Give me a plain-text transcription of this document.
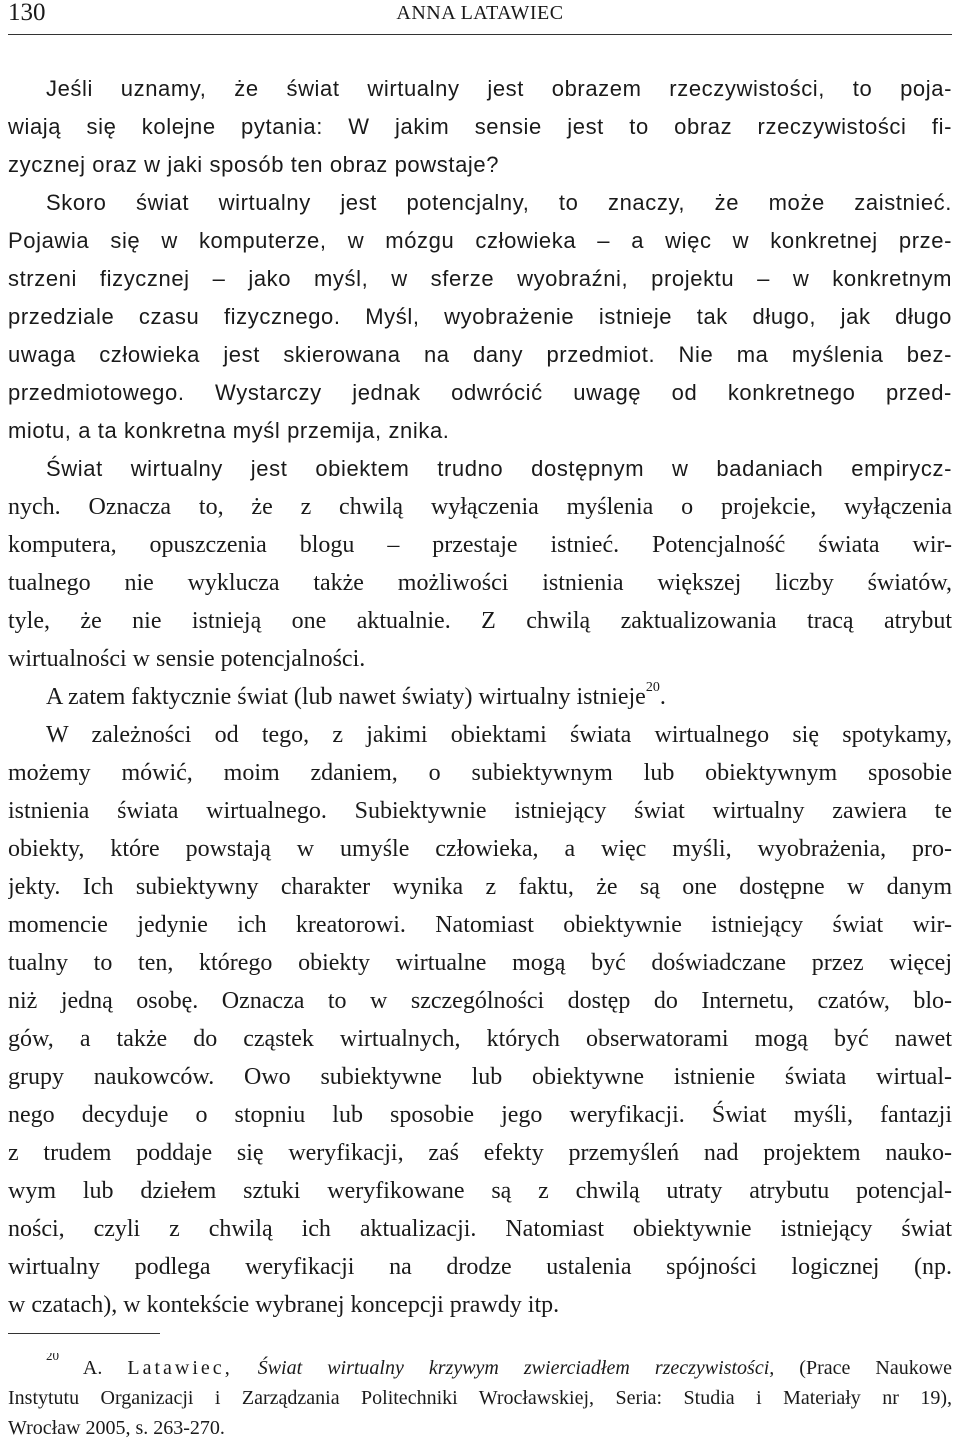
130	ANNA LATAWIEC
Jeśli uznamy, że świat wirtualny jest obrazem rzeczywistości, to poja-
wiają się kolejne pytania: W jakim sensie jest to obraz rzeczywistości fi-
zycznej oraz w jaki sposób ten obraz powstaje?
Skoro świat wirtualny jest potencjalny, to znaczy, że może zaistnieć.
Pojawia się w komputerze, w mózgu człowieka – a więc w konkretnej prze-
strzeni fizycznej – jako myśl, w sferze wyobraźni, projektu – w konkretnym
przedziale czasu fizycznego. Myśl, wyobrażenie istnieje tak długo, jak długo
uwaga człowieka jest skierowana na dany przedmiot. Nie ma myślenia bez-
przedmiotowego. Wystarczy jednak odwrócić uwagę od konkretnego przed-
miotu, a ta konkretna myśl przemija, znika.
Świat wirtualny jest obiektem trudno dostępnym w badaniach empirycz-
nych. Oznacza to, że z chwilą wyłączenia myślenia o projekcie, wyłączenia
komputera, opuszczenia blogu – przestaje istnieć. Potencjalność świata wir-
tualnego nie wyklucza także możliwości istnienia większej liczby światów,
tyle, że nie istnieją one aktualnie. Z chwilą zaktualizowania tracą atrybut
wirtualności w sensie potencjalności.
A zatem faktycznie świat (lub nawet światy) wirtualny istnieje$^{20}$.
W zależności od tego, z jakimi obiektami świata wirtualnego się spotykamy,
możemy mówić, moim zdaniem, o subiektywnym lub obiektywnym sposobie
istnienia świata wirtualnego. Subiektywnie istniejący świat wirtualny zawiera te
obiekty, które powstają w umyśle człowieka, a więc myśli, wyobrażenia, pro-
jekty. Ich subiektywny charakter wynika z faktu, że są one dostępne w danym
momencie jedynie ich kreatorowi. Natomiast obiektywnie istniejący świat wir-
tualny to ten, którego obiekty wirtualne mogą być doświadczane przez więcej
niż jedną osobę. Oznacza to w szczególności dostęp do Internetu, czatów, blo-
gów, a także do cząstek wirtualnych, których obserwatorami mogą być nawet
grupy naukowców. Owo subiektywne lub obiektywne istnienie świata wirtual-
nego decyduje o stopniu lub sposobie jego weryfikacji. Świat myśli, fantazji
z trudem poddaje się weryfikacji, zaś efekty przemyśleń nad projektem nauko-
wym lub dziełem sztuki weryfikowane są z chwilą utraty atrybutu potencjal-
ności, czyli z chwilą ich aktualizacji. Natomiast obiektywnie istniejący świat
wirtualny podlega weryfikacji na drodze ustalenia spójności logicznej (np.
w czatach), w kontekście wybranej koncepcji prawdy itp.
$^{20}$ A. Latawiec, Świat wirtualny krzywym zwierciadłem rzeczywistości, (Prace Naukowe
Instytutu Organizacji i Zarządzania Politechniki Wrocławskiej, Seria: Studia i Materiały nr 19),
Wrocław 2005, s. 263-270.
